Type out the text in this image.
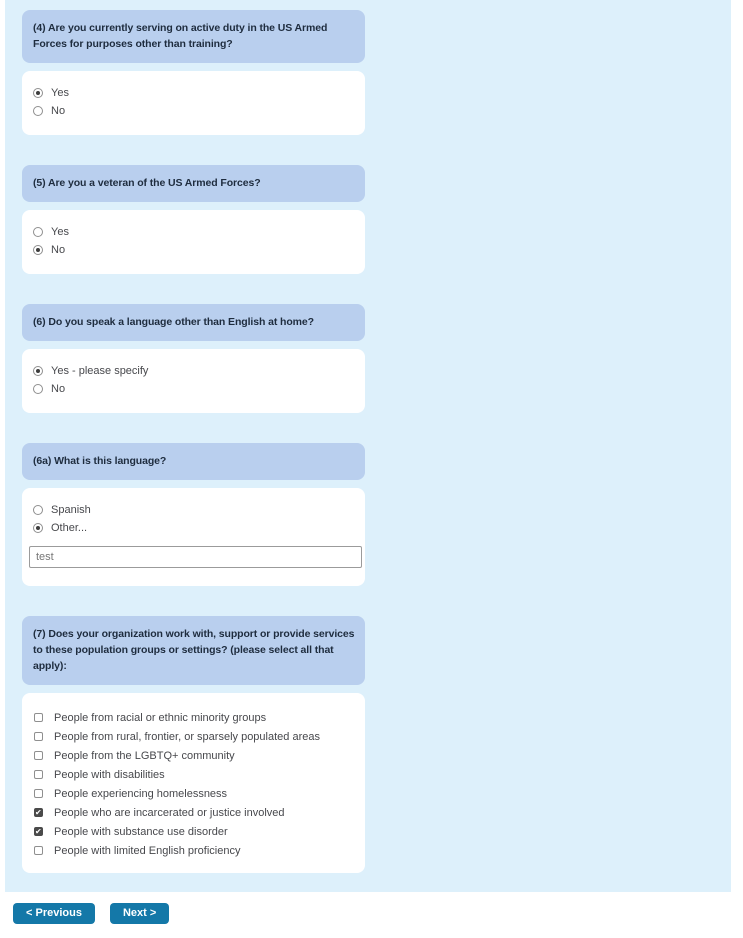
(4) Are you currently serving on active duty in the US Armed Forces for purposes other than training?
Yes
No
(5) Are you a veteran of the US Armed Forces?
Yes
No
(6) Do you speak a language other than English at home?
Yes - please specify
No
(6a) What is this language?
Spanish
Other...
test
(7) Does your organization work with, support or provide services to these population groups or settings? (please select all that apply):
People from racial or ethnic minority groups
People from rural, frontier, or sparsely populated areas
People from the LGBTQ+ community
People with disabilities
People experiencing homelessness
✔
People who are incarcerated or justice involved
✔
People with substance use disorder
People with limited English proficiency
< Previous	Next >
